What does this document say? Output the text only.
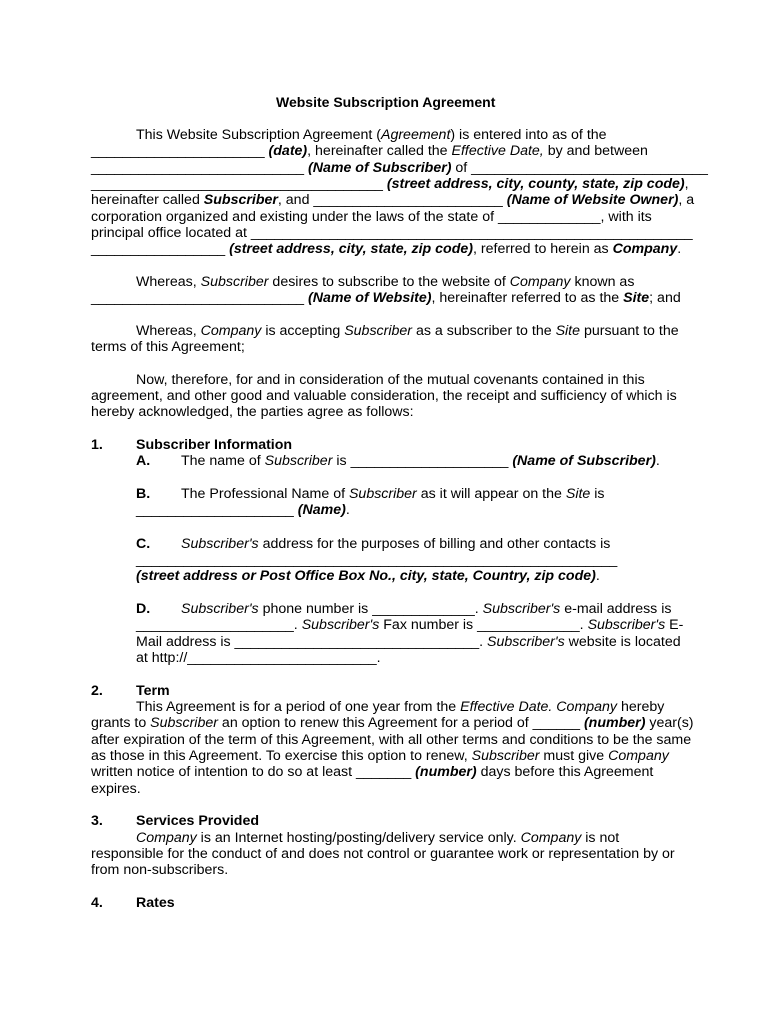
Website Subscription Agreement
This Website Subscription Agreement (Agreement) is entered into as of the
______________________ (date), hereinafter called the Effective Date, by and between
___________________________ (Name of Subscriber) of ______________________________
_____________________________________ (street address, city, county, state, zip code),
hereinafter called Subscriber, and ________________________ (Name of Website Owner), a
corporation organized and existing under the laws of the state of _____________, with its
principal office located at ________________________________________________________
_________________ (street address, city, state, zip code), referred to herein as Company.
Whereas, Subscriber desires to subscribe to the website of Company known as
___________________________ (Name of Website), hereinafter referred to as the Site; and
Whereas, Company is accepting Subscriber as a subscriber to the Site pursuant to the
terms of this Agreement;
Now, therefore, for and in consideration of the mutual covenants contained in this
agreement, and other good and valuable consideration, the receipt and sufficiency of which is
hereby acknowledged, the parties agree as follows:
1. Subscriber Information
A. The name of Subscriber is ____________________ (Name of Subscriber).
B. The Professional Name of Subscriber as it will appear on the Site is
____________________ (Name).
C. Subscriber's address for the purposes of billing and other contacts is
_____________________________________________________________
(street address or Post Office Box No., city, state, Country, zip code).
D. Subscriber's phone number is _____________. Subscriber's e-mail address is
____________________. Subscriber's Fax number is _____________. Subscriber's E-
Mail address is _______________________________. Subscriber's website is located
at http://________________________.
2. Term
This Agreement is for a period of one year from the Effective Date. Company hereby
grants to Subscriber an option to renew this Agreement for a period of ______ (number) year(s)
after expiration of the term of this Agreement, with all other terms and conditions to be the same
as those in this Agreement. To exercise this option to renew, Subscriber must give Company
written notice of intention to do so at least _______ (number) days before this Agreement
expires.
3. Services Provided
Company is an Internet hosting/posting/delivery service only. Company is not
responsible for the conduct of and does not control or guarantee work or representation by or
from non-subscribers.
4. Rates
